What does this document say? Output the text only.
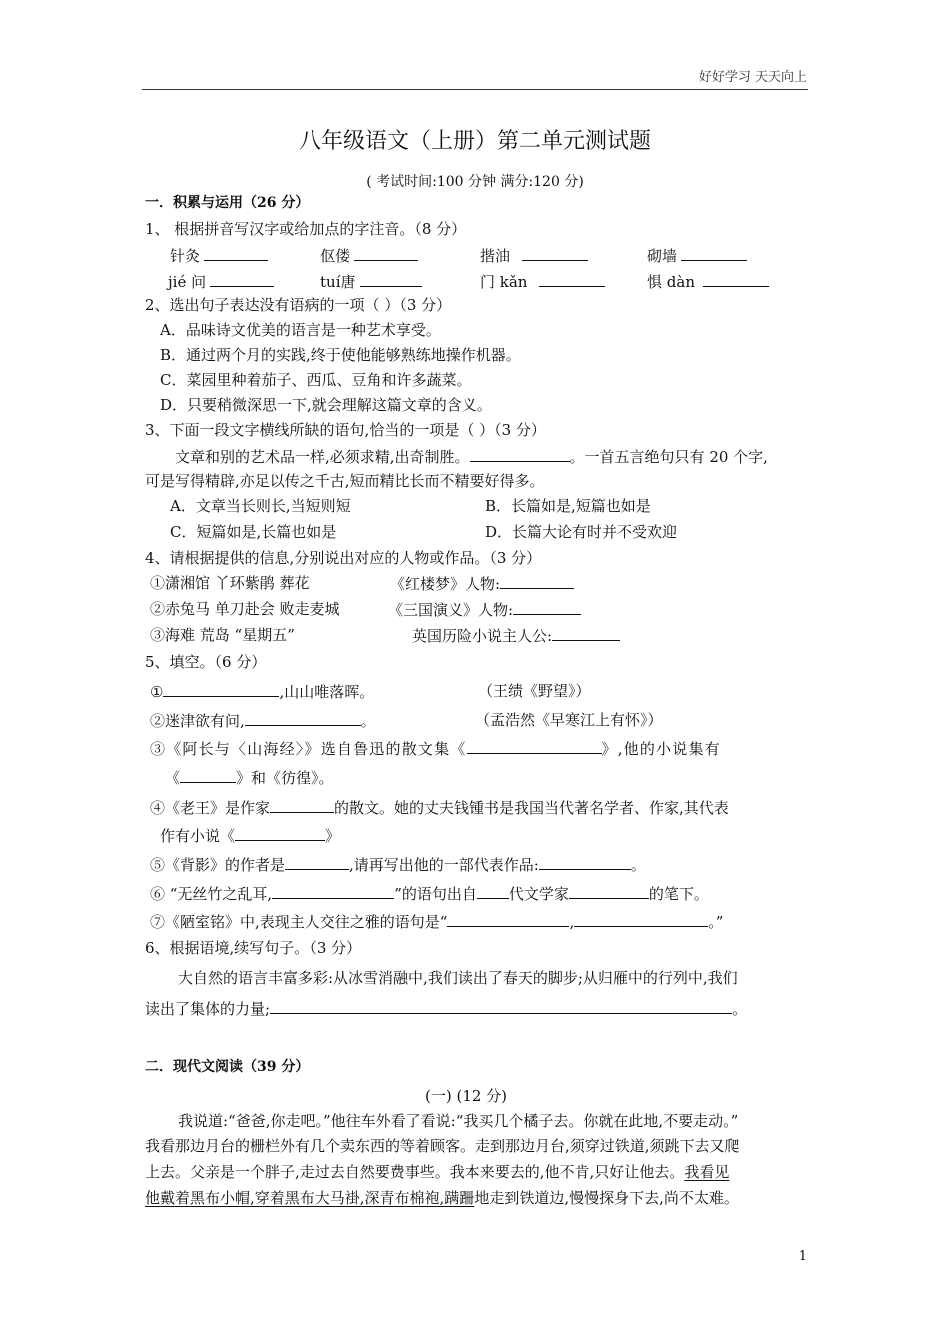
好好学习 天天向上
八年级语文（上册）第二单元测试题
( 考试时间:100 分钟 满分:120 分)
一．积累与运用（26 分）
1、 根据拼音写汉字或给加点的字注音。（8 分）
针灸	伛偻	揩油	砌墙
jié 问	tuí唐	门 kǎn	惧 dàn
2、选出句子表达没有语病的一项（ ）（3 分）
A．品味诗文优美的语言是一种艺术享受。
B．通过两个月的实践,终于使他能够熟练地操作机器。
C．菜园里种着茄子、西瓜、豆角和许多蔬菜。
D．只要稍微深思一下,就会理解这篇文章的含义。
3、下面一段文字横线所缺的语句,恰当的一项是（ ）（3 分）
文章和别的艺术品一样,必须求精,出奇制胜。	。一首五言绝句只有 20 个字,
可是写得精辟,亦足以传之千古,短而精比长而不精要好得多。
A．文章当长则长,当短则短	B．长篇如是,短篇也如是
C．短篇如是,长篇也如是	D．长篇大论有时并不受欢迎
4、请根据提供的信息,分别说出对应的人物或作品。（3 分）
①潇湘馆 丫环紫鹃 葬花	《红楼梦》人物:
②赤兔马 单刀赴会 败走麦城	《三国演义》人物:
③海难 荒岛 “星期五”	英国历险小说主人公:
5、填空。（6 分）
①	,山山唯落晖。	（王绩《野望》）
②迷津欲有问,	。	（孟浩然《早寒江上有怀》）
③《阿长与〈山海经〉》选自鲁迅的散文集《	》,他的小说集有
《	》和《彷徨》。
④《老王》是作家	的散文。她的丈夫钱锺书是我国当代著名学者、作家,其代表
作有小说《	》
⑤《背影》的作者是	,请再写出他的一部代表作品:	。
⑥ “无丝竹之乱耳,	”的语句出自 代文学家	的笔下。
⑦《陋室铭》中,表现主人交往之雅的语句是“	,	。”
6、根据语境,续写句子。（3 分）
大自然的语言丰富多彩:从冰雪消融中,我们读出了春天的脚步;从归雁中的行列中,我们
读出了集体的力量;	。
二．现代文阅读（39 分）
(一) (12 分)
我说道:“爸爸,你走吧。”他往车外看了看说:“我买几个橘子去。你就在此地,不要走动。”
我看那边月台的栅栏外有几个卖东西的等着顾客。走到那边月台,须穿过铁道,须跳下去又爬
上去。父亲是一个胖子,走过去自然要费事些。我本来要去的,他不肯,只好让他去。我看见
他戴着黑布小帽,穿着黑布大马褂,深青布棉袍,蹒跚地走到铁道边,慢慢探身下去,尚不太难。
1
